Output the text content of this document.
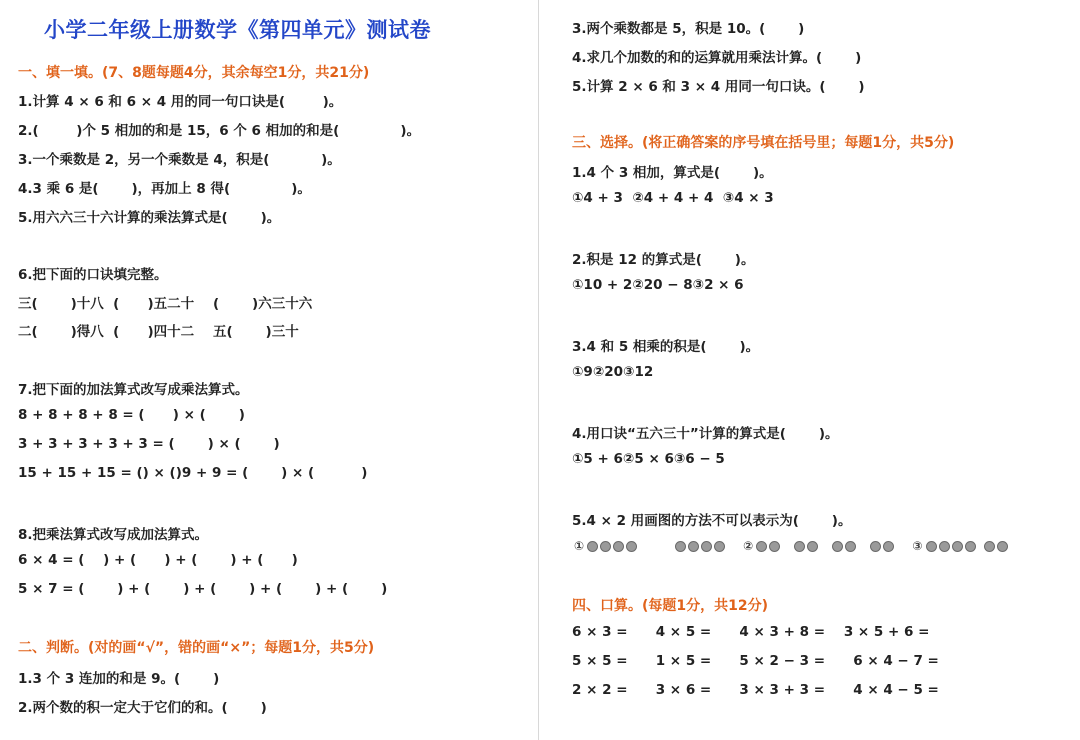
小学二年级上册数学《第四单元》测试卷
一、填一填。(7、8题每题4分，其余每空1分，共21分)
1.计算 4 × 6 和 6 × 4 用的同一句口诀是(        )。
2.(        )个 5 相加的和是 15，6 个 6 相加的和是(             )。
3.一个乘数是 2，另一个乘数是 4，积是(           )。
4.3 乘 6 是(       )，再加上 8 得(             )。
5.用六六三十六计算的乘法算式是(       )。
6.把下面的口诀填完整。
三(       )十八  (      )五二十    (       )六三十六
二(       )得八  (      )四十二    五(       )三十
7.把下面的加法算式改写成乘法算式。
8 + 8 + 8 + 8 = (      ) × (       )
3 + 3 + 3 + 3 + 3 = (       ) × (       )
15 + 15 + 15 = () × ()9 + 9 = (       ) × (          )
8.把乘法算式改写成加法算式。
6 × 4 = (    ) + (      ) + (       ) + (      )
5 × 7 = (       ) + (       ) + (       ) + (       ) + (       )
二、判断。(对的画“√”，错的画“×”；每题1分，共5分)
1.3 个 3 连加的和是 9。(       )
2.两个数的积一定大于它们的和。(       )
3.两个乘数都是 5，积是 10。(       )
4.求几个加数的和的运算就用乘法计算。(       )
5.计算 2 × 6 和 3 × 4 用同一句口诀。(       )
三、选择。(将正确答案的序号填在括号里；每题1分，共5分)
1.4 个 3 相加，算式是(       )。
①4 + 3  ②4 + 4 + 4  ③4 × 3
2.积是 12 的算式是(       )。
①10 + 2②20 − 8③2 × 6
3.4 和 5 相乘的积是(       )。
①9②20③12
4.用口诀“五六三十”计算的算式是(       )。
①5 + 6②5 × 6③6 − 5
5.4 × 2 用画图的方法不可以表示为(       )。
①	②	③
四、口算。(每题1分，共12分)
6 × 3 =      4 × 5 =      4 × 3 + 8 =    3 × 5 + 6 =
5 × 5 =      1 × 5 =      5 × 2 − 3 =      6 × 4 − 7 =
2 × 2 =      3 × 6 =      3 × 3 + 3 =      4 × 4 − 5 =
